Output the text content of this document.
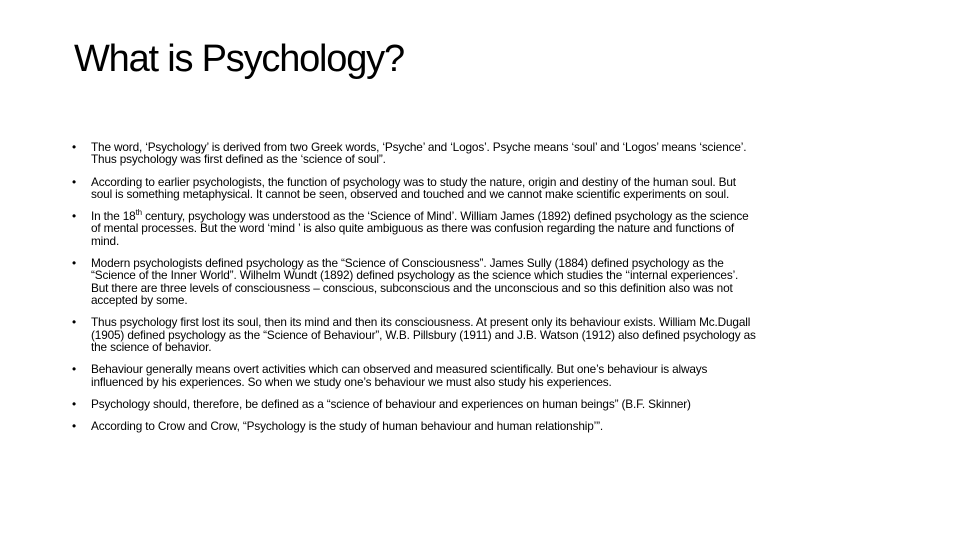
What is Psychology?
• The word, ‘Psychology’ is derived from two Greek words, ‘Psyche’ and ‘Logos’. Psyche means ‘soul’ and ‘Logos’ means ‘science’.
Thus psychology was first defined as the ‘science of soul”.
• According to earlier psychologists, the function of psychology was to study the nature, origin and destiny of the human soul. But
soul is something metaphysical. It cannot be seen, observed and touched and we cannot make scientific experiments on soul.
• In the 18th century, psychology was understood as the ‘Science of Mind’. William James (1892) defined psychology as the science
of mental processes. But the word ‘mind ’ is also quite ambiguous as there was confusion regarding the nature and functions of
mind.
• Modern psychologists defined psychology as the “Science of Consciousness”. James Sully (1884) defined psychology as the
“Science of the Inner World”. Wilhelm Wundt (1892) defined psychology as the science which studies the ‘‘internal experiences’.
But there are three levels of consciousness – conscious, subconscious and the unconscious and so this definition also was not
accepted by some.
• Thus psychology first lost its soul, then its mind and then its consciousness. At present only its behaviour exists. William Mc.Dugall
(1905) defined psychology as the “Science of Behaviour”, W.B. Pillsbury (1911) and J.B. Watson (1912) also defined psychology as
the science of behavior.
• Behaviour generally means overt activities which can observed and measured scientifically. But one’s behaviour is always
influenced by his experiences. So when we study one’s behaviour we must also study his experiences.
• Psychology should, therefore, be defined as a “science of behaviour and experiences on human beings” (B.F. Skinner)
• According to Crow and Crow, “Psychology is the study of human behaviour and human relationship’”.
